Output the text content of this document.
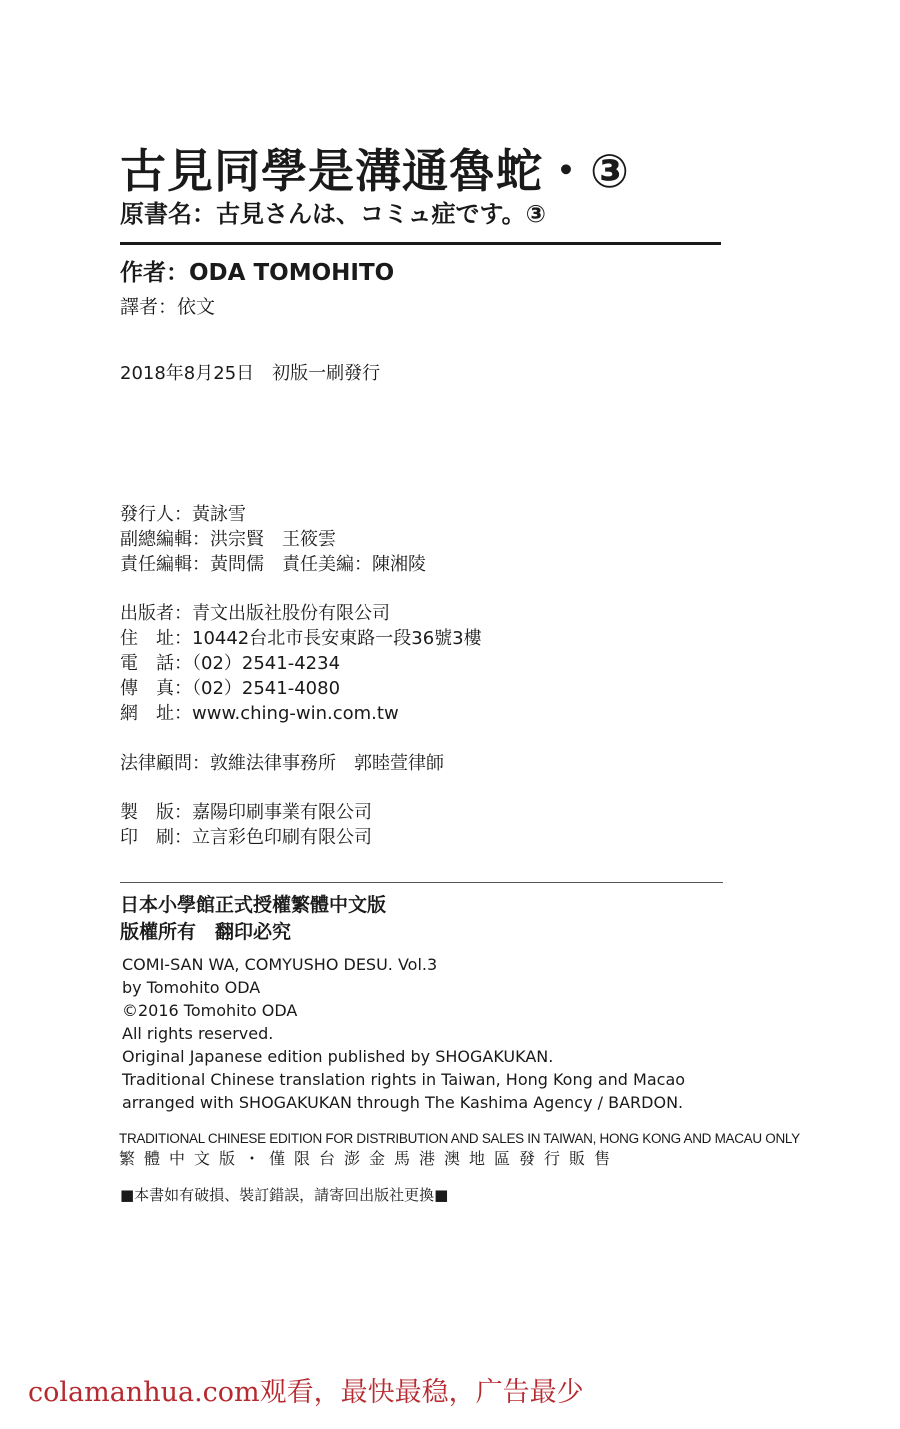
古見同學是溝通魯蛇・③
原書名：古見さんは、コミュ症です。③
作者：ODA TOMOHITO
譯者：依文
2018年8月25日　初版一刷發行
發行人：黃詠雪
副總編輯：洪宗賢　王筱雲
責任編輯：黃問儒　責任美編：陳湘陵
出版者：青文出版社股份有限公司
住　址：10442台北市長安東路一段36號3樓
電　話：（02）2541-4234
傳　真：（02）2541-4080
網　址：www.ching-win.com.tw
法律顧問：敦維法律事務所　郭睦萱律師
製　版：嘉陽印刷事業有限公司
印　刷：立言彩色印刷有限公司
日本小學館正式授權繁體中文版
版權所有　翻印必究
COMI-SAN WA, COMYUSHO DESU. Vol.3
by Tomohito ODA
©2016 Tomohito ODA
All rights reserved.
Original Japanese edition published by SHOGAKUKAN.
Traditional Chinese translation rights in Taiwan, Hong Kong and Macao
arranged with SHOGAKUKAN through The Kashima Agency / BARDON.
TRADITIONAL CHINESE EDITION FOR DISTRIBUTION AND SALES IN TAIWAN, HONG KONG AND MACAU ONLY
繁體中文版・僅限台澎金馬港澳地區發行販售
■本書如有破損、裝訂錯誤，請寄回出版社更換■
colamanhua.com观看，最快最稳，广告最少
